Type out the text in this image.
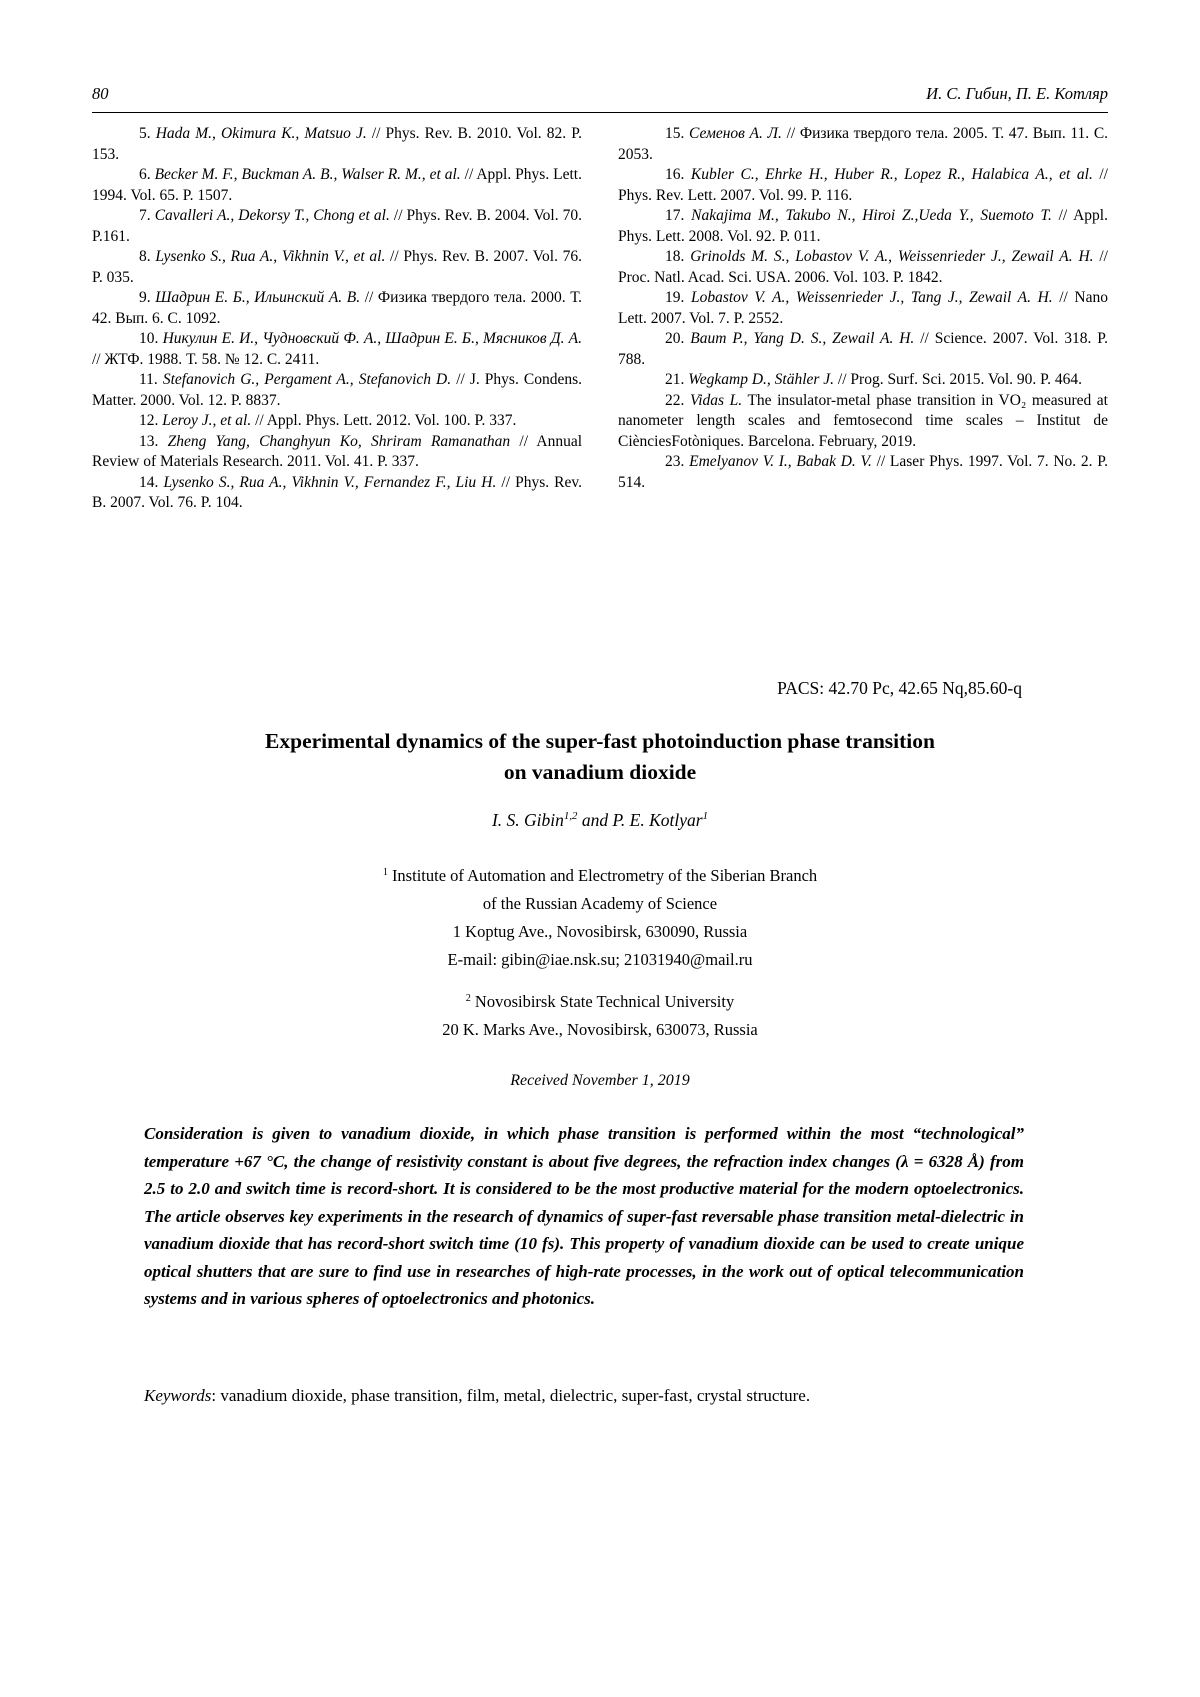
80	И. С. Гибин, П. Е. Котляр

5. Hada M., Okimura K., Matsuo J. // Phys. Rev. B. 2010. Vol. 82. P. 153.

6. Becker M. F., Buckman A. B., Walser R. M., et al. // Appl. Phys. Lett. 1994. Vol. 65. P. 1507.

7. Cavalleri A., Dekorsy T., Chong et al. // Phys. Rev. B. 2004. Vol. 70. P.161.

8. Lysenko S., Rua A., Vikhnin V., et al. // Phys. Rev. B. 2007. Vol. 76. P. 035.

9. Шадрин Е. Б., Ильинский А. В. // Физика твердого тела. 2000. Т. 42. Вып. 6. С. 1092.

10. Никулин Е. И., Чудновский Ф. А., Шадрин Е. Б., Мясников Д. А. // ЖТФ. 1988. Т. 58. № 12. С. 2411.

11. Stefanovich G., Pergament A., Stefanovich D. // J. Phys. Condens. Matter. 2000. Vol. 12. P. 8837.

12. Leroy J., et al. // Appl. Phys. Lett. 2012. Vol. 100. P. 337.

13. Zheng Yang, Changhyun Ko, Shriram Ramanathan // Annual Review of Materials Research. 2011. Vol. 41. P. 337.

14. Lysenko S., Rua A., Vikhnin V., Fernandez F., Liu H. // Phys. Rev. B. 2007. Vol. 76. P. 104.

15. Семенов А. Л. // Физика твердого тела. 2005. Т. 47. Вып. 11. С. 2053.

16. Kubler C., Ehrke H., Huber R., Lopez R., Halabica A., et al. // Phys. Rev. Lett. 2007. Vol. 99. P. 116.

17. Nakajima M., Takubo N., Hiroi Z.,Ueda Y., Suemoto T. // Appl. Phys. Lett. 2008. Vol. 92. P. 011.

18. Grinolds M. S., Lobastov V. A., Weissenrieder J., Zewail A. H. // Proc. Natl. Acad. Sci. USA. 2006. Vol. 103. P. 1842.

19. Lobastov V. A., Weissenrieder J., Tang J., Zewail A. H. // Nano Lett. 2007. Vol. 7. P. 2552.

20. Baum P., Yang D. S., Zewail A. H. // Science. 2007. Vol. 318. P. 788.

21. Wegkamp D., Stähler J. // Prog. Surf. Sci. 2015. Vol. 90. P. 464.

22. Vidas L. The insulator-metal phase transition in VO₂ measured at nanometer length scales and femtosecond time scales – Institut de CiènciesFotòniques. Barcelona. February, 2019.

23. Emelyanov V. I., Babak D. V. // Laser Phys. 1997. Vol. 7. No. 2. P. 514.

PACS: 42.70 Pc, 42.65 Nq,85.60-q
Experimental dynamics of the super-fast photoinduction phase transition
on vanadium dioxide
I. S. Gibin$^{1,2}$ and P. E. Kotlyar$^1$
$^1$ Institute of Automation and Electrometry of the Siberian Branch
of the Russian Academy of Science
1 Koptug Ave., Novosibirsk, 630090, Russia
E-mail: gibin@iae.nsk.su; 21031940@mail.ru
$^2$ Novosibirsk State Technical University
20 K. Marks Ave., Novosibirsk, 630073, Russia
Received November 1, 2019

Consideration is given to vanadium dioxide, in which phase transition is performed within the most “technological” temperature +67 °C, the change of resistivity constant is about five degrees, the refraction index changes (λ = 6328 Å) from 2.5 to 2.0 and switch time is record-short. It is considered to be the most productive material for the modern optoelectronics. The article observes key experiments in the research of dynamics of super-fast reversable phase transition metal-dielectric in vanadium dioxide that has record-short switch time (10 fs). This property of vanadium dioxide can be used to create unique optical shutters that are sure to find use in researches of high-rate processes, in the work out of optical telecommunication systems and in various spheres of optoelectronics and photonics.

Keywords: vanadium dioxide, phase transition, film, metal, dielectric, super-fast, crystal structure.
